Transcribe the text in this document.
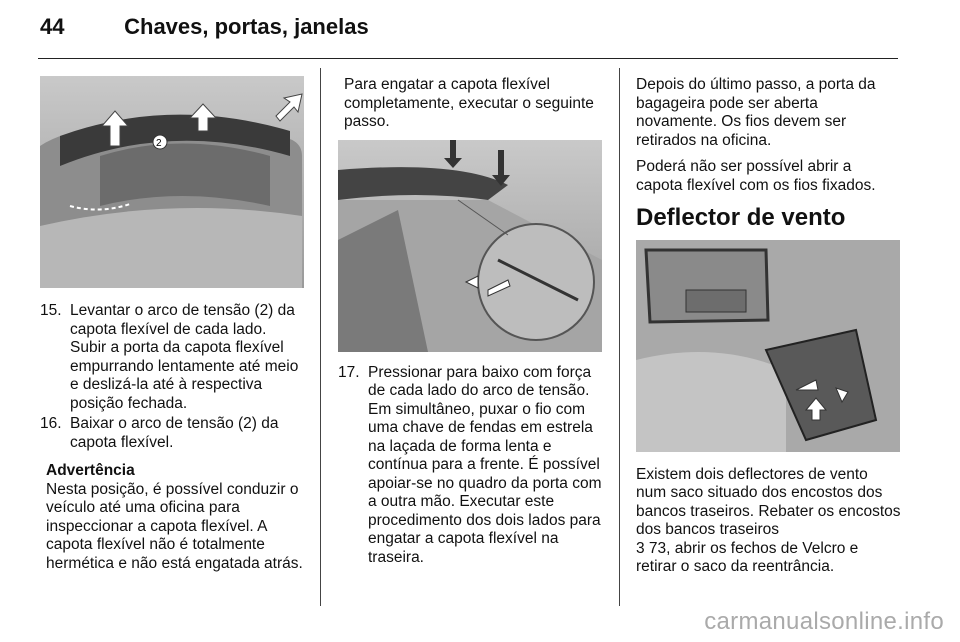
44	Chaves, portas, janelas
2
15. Levantar o arco de tensão (2) da capota flexível de cada lado. Subir a porta da capota flexível empurrando lentamente até meio e deslizá-la até à respectiva posição fechada.
16. Baixar o arco de tensão (2) da capota flexível.
Advertência
Nesta posição, é possível conduzir o veículo até uma oficina para inspeccionar a capota flexível. A capota flexível não é totalmente hermética e não está engatada atrás.

Para engatar a capota flexível completamente, executar o seguinte passo.

17. Pressionar para baixo com força de cada lado do arco de tensão. Em simultâneo, puxar o fio com uma chave de fendas em estrela na laçada de forma lenta e contínua para a frente. É possível apoiar-se no quadro da porta com a outra mão. Executar este procedimento dos dois lados para engatar a capota flexível na traseira.

Depois do último passo, a porta da bagageira pode ser aberta novamente. Os fios devem ser retirados na oficina.

Poderá não ser possível abrir a capota flexível com os fios fixados.

Deflector de vento

Existem dois deflectores de vento num saco situado dos encostos dos bancos traseiros. Rebater os encostos dos bancos traseiros
3 73, abrir os fechos de Velcro e retirar o saco da reentrância.

carmanualsonline.info
